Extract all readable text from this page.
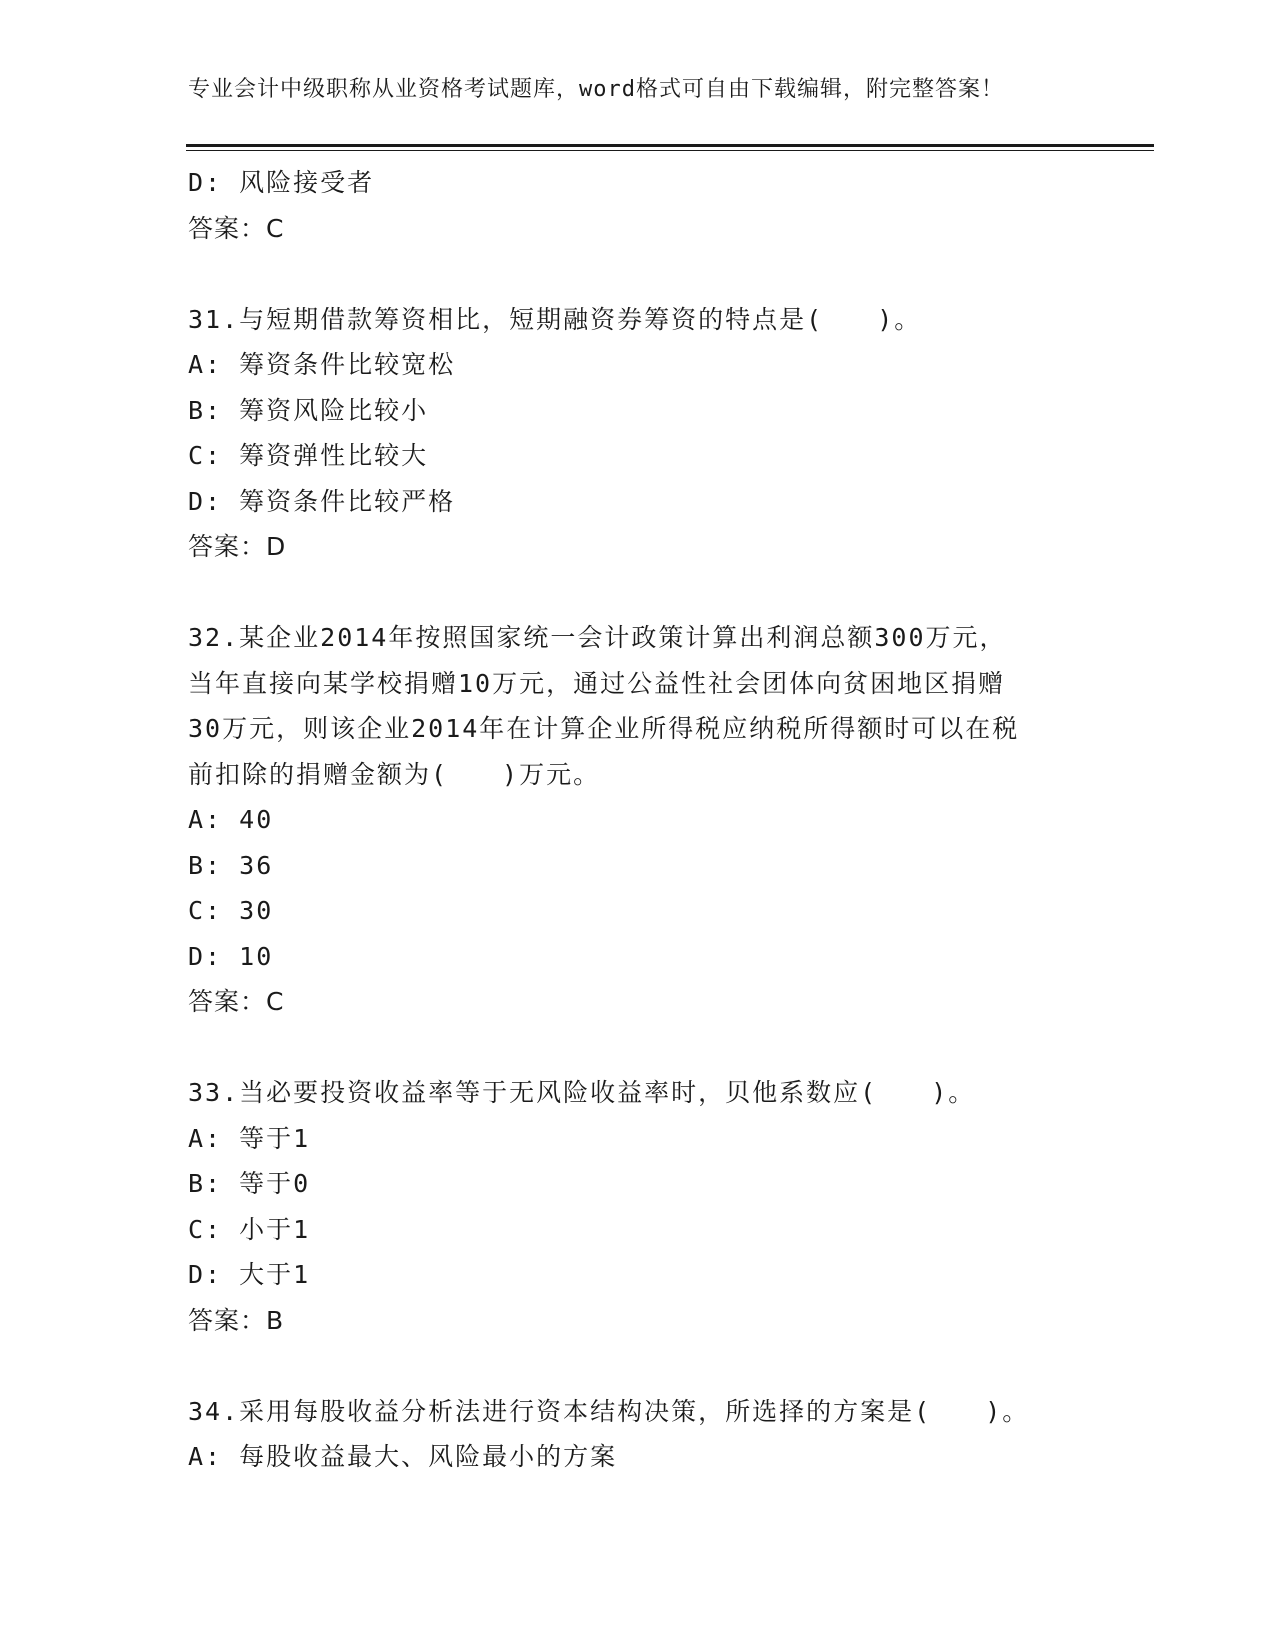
专业会计中级职称从业资格考试题库，word格式可自由下载编辑，附完整答案！
D: 风险接受者
答案：C
31.与短期借款筹资相比，短期融资券筹资的特点是(　　)。
A: 筹资条件比较宽松
B: 筹资风险比较小
C: 筹资弹性比较大
D: 筹资条件比较严格
答案：D
32.某企业2014年按照国家统一会计政策计算出利润总额300万元，
当年直接向某学校捐赠10万元，通过公益性社会团体向贫困地区捐赠
30万元，则该企业2014年在计算企业所得税应纳税所得额时可以在税
前扣除的捐赠金额为(　　)万元。
A: 40
B: 36
C: 30
D: 10
答案：C
33.当必要投资收益率等于无风险收益率时，贝他系数应(　　)。
A: 等于1
B: 等于0
C: 小于1
D: 大于1
答案：B
34.采用每股收益分析法进行资本结构决策，所选择的方案是(　　)。
A: 每股收益最大、风险最小的方案
